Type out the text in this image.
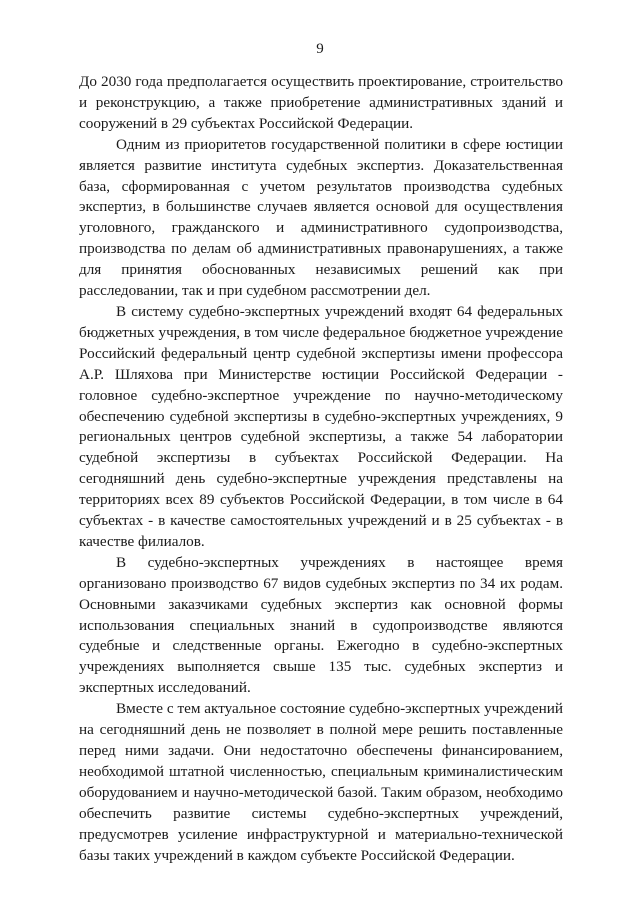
9

До 2030 года предполагается осуществить проектирование, строительство и реконструкцию, а также приобретение административных зданий и сооружений в 29 субъектах Российской Федерации.

Одним из приоритетов государственной политики в сфере юстиции является развитие института судебных экспертиз. Доказательственная база, сформированная с учетом результатов производства судебных экспертиз, в большинстве случаев является основой для осуществления уголовного, гражданского и административного судопроизводства, производства по делам об административных правонарушениях, а также для принятия обоснованных независимых решений как при расследовании, так и при судебном рассмотрении дел.

В систему судебно-экспертных учреждений входят 64 федеральных бюджетных учреждения, в том числе федеральное бюджетное учреждение Российский федеральный центр судебной экспертизы имени профессора А.Р. Шляхова при Министерстве юстиции Российской Федерации - головное судебно-экспертное учреждение по научно-методическому обеспечению судебной экспертизы в судебно-экспертных учреждениях, 9 региональных центров судебной экспертизы, а также 54 лаборатории судебной экспертизы в субъектах Российской Федерации. На сегодняшний день судебно-экспертные учреждения представлены на территориях всех 89 субъектов Российской Федерации, в том числе в 64 субъектах - в качестве самостоятельных учреждений и в 25 субъектах - в качестве филиалов.

В судебно-экспертных учреждениях в настоящее время организовано производство 67 видов судебных экспертиз по 34 их родам. Основными заказчиками судебных экспертиз как основной формы использования специальных знаний в судопроизводстве являются судебные и следственные органы. Ежегодно в судебно-экспертных учреждениях выполняется свыше 135 тыс. судебных экспертиз и экспертных исследований.

Вместе с тем актуальное состояние судебно-экспертных учреждений на сегодняшний день не позволяет в полной мере решить поставленные перед ними задачи. Они недостаточно обеспечены финансированием, необходимой штатной численностью, специальным криминалистическим оборудованием и научно-методической базой. Таким образом, необходимо обеспечить развитие системы судебно-экспертных учреждений, предусмотрев усиление инфраструктурной и материально-технической базы таких учреждений в каждом субъекте Российской Федерации.
